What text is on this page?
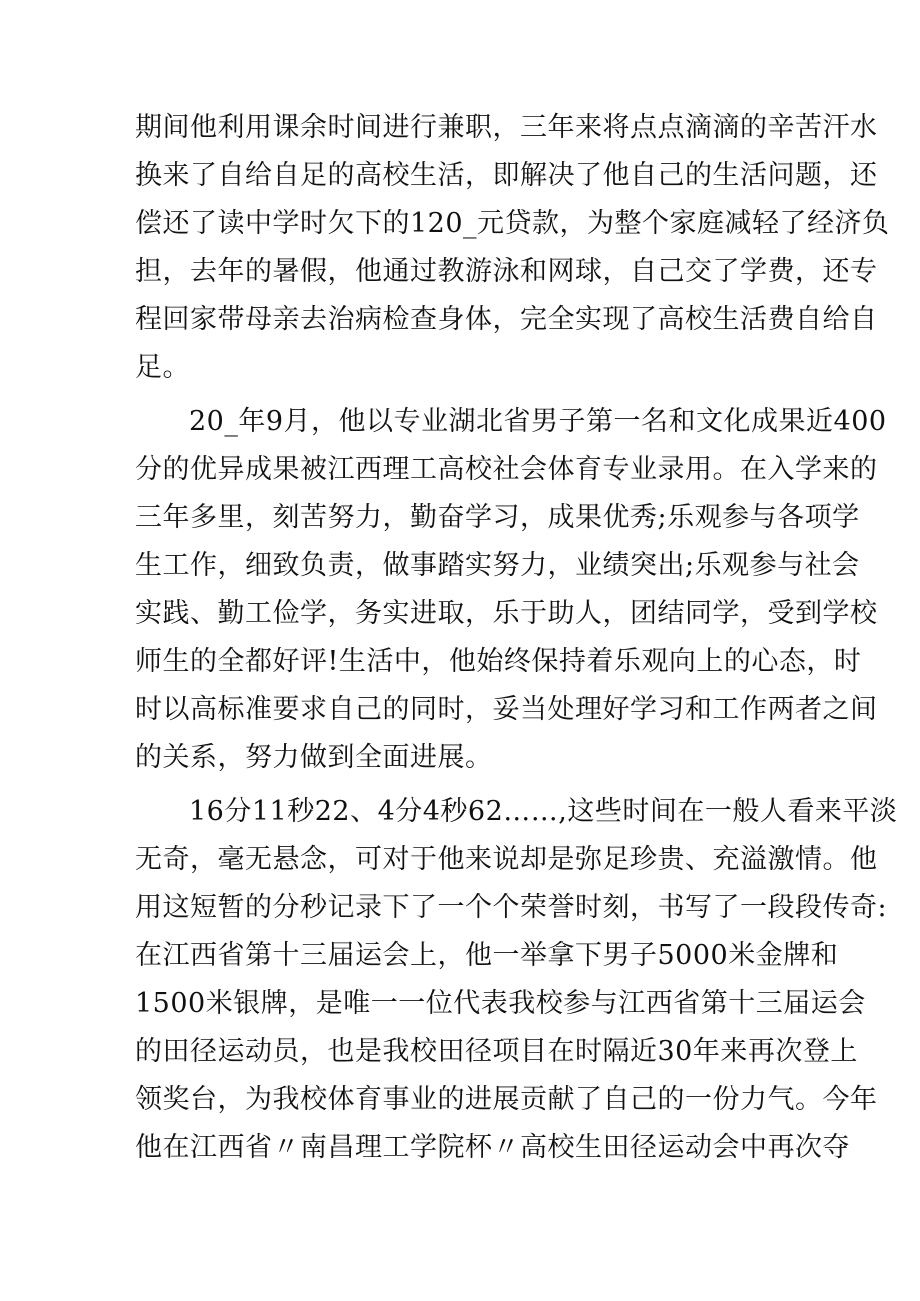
期间他利用课余时间进行兼职，三年来将点点滴滴的辛苦汗水
换来了自给自足的高校生活，即解决了他自己的生活问题，还
偿还了读中学时欠下的120_元贷款，为整个家庭减轻了经济负
担，去年的暑假，他通过教游泳和网球，自己交了学费，还专
程回家带母亲去治病检查身体，完全实现了高校生活费自给自
足。
20_年9月，他以专业湖北省男子第一名和文化成果近400
分的优异成果被江西理工高校社会体育专业录用。在入学来的
三年多里，刻苦努力，勤奋学习，成果优秀;乐观参与各项学
生工作，细致负责，做事踏实努力，业绩突出;乐观参与社会
实践、勤工俭学，务实进取，乐于助人，团结同学，受到学校
师生的全都好评!生活中，他始终保持着乐观向上的心态，时
时以高标准要求自己的同时，妥当处理好学习和工作两者之间
的关系，努力做到全面进展。
16分11秒22、4分4秒62……,这些时间在一般人看来平淡
无奇，毫无悬念，可对于他来说却是弥足珍贵、充溢激情。他
用这短暂的分秒记录下了一个个荣誉时刻，书写了一段段传奇:
在江西省第十三届运会上，他一举拿下男子5000米金牌和
1500米银牌，是唯一一位代表我校参与江西省第十三届运会
的田径运动员，也是我校田径项目在时隔近30年来再次登上
领奖台，为我校体育事业的进展贡献了自己的一份力气。今年
他在江西省〃南昌理工学院杯〃高校生田径运动会中再次夺
